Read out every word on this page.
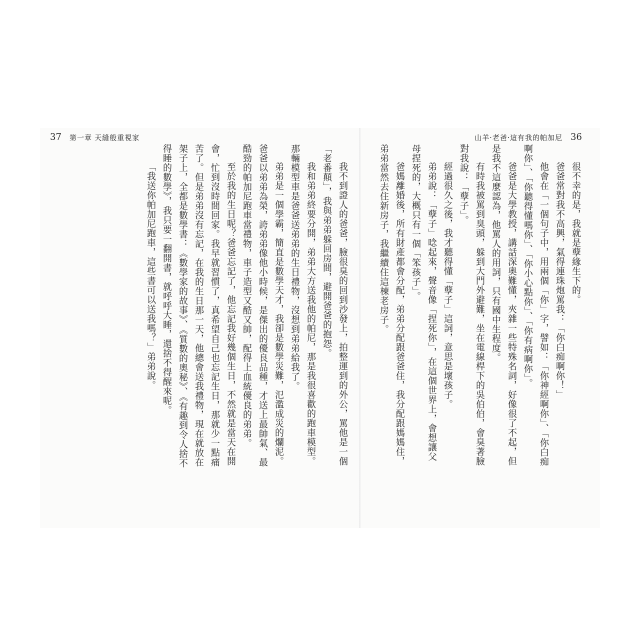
37 第一章 天縫般重視家	山羊·老爸·這有我的帕加尼 36

我不到證人的爸爸，臉很臭的回到沙發上，拍整運到的外公，罵他是一個「老番顛」，我與弟弟躲回房間，避開爸爸的抱怨。

我和弟弟終要分開，弟弟大方送我他的帕尼，那是我很喜歡的跑車模型。那輛模型車是爸爸送弟弟的生日禮物，沒想到弟弟給我了。

弟弟是一個學霸，簡直是數學天才，我卻是數學災難，氾濫成災的爛泥。爸爸以弟弟為榮，誇弟弟像他小時候，是傑出的優良品種，才送上最帥氣、最酷勁的帕加尼跑車當禮物，車子造型又酷又帥，配得上血統優良的弟弟。

至於我的生日呢？爸爸忘記了，他忘記我好幾個生日，不然就是當天在開會，忙到沒時間回家。我早就習慣了，真希望自己也忘記生日，那就少一點痛苦了。但是弟弟沒有忘記，在我的生日那一天，他總會送我禮物，現在就放在架子上，全都是數學書：《數學家的故事》、《質數的奧秘》、《有趣到令人捨不得睡的數學》，我只要一翻開書，就呼呼大睡，還捨不得醒來呢。

「我送你帕加尼跑車，這些書可以送我嗎？」弟弟說。	很不幸的是，我就是孽緣生下的。

爸爸常對我不高興，氣得連珠炮罵我：「你白痴啊你！」

他會在「一個句子中，用兩個「你」字，譬如：「你神經啊你」、「你白痴啊你」、「你聽得懂嗎你」、「你小心點你」、「你有病啊你」。

爸爸是大學教授，講話深奧難懂，夾雜一些特殊名詞，好像很了不起，但是我不這麼認為，他罵人的用詞，只有國中生程度。

有時我被罵到臭頭，躲到大門外避難，坐在電線桿下的吳伯伯，會臭著臉對我說：「孽子」。

經過很久之後，我才聽得懂「孽子」這詞，意思是壞孩子。

弟弟說：「孽子」唸起來，聲音像「捏死你」，在這個世界上，會想讓父母捏死的，大概只有一個「笨孩子」。

爸媽離婚後，所有財產都會分配，弟弟分配跟爸爸住，我分配跟媽媽住，弟弟當然去住新房子，我繼續住這棟老房子。
